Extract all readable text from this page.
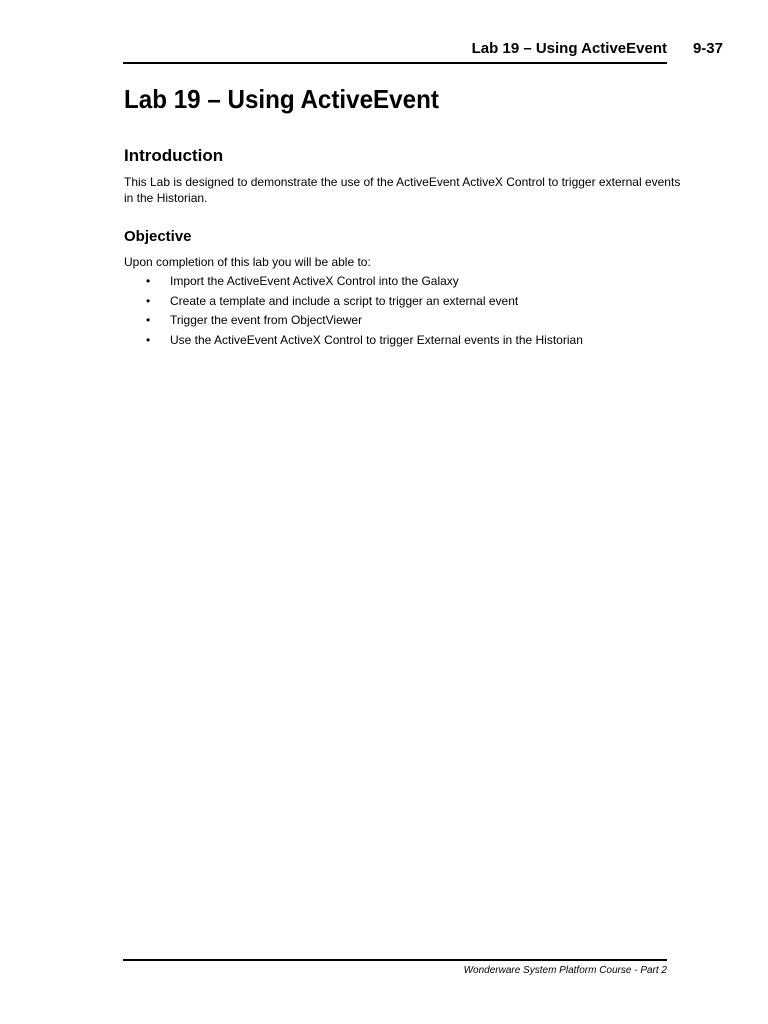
Lab 19 – Using ActiveEvent 9-37
Lab 19 – Using ActiveEvent
Introduction

This Lab is designed to demonstrate the use of the ActiveEvent ActiveX Control to trigger external events in the Historian.

Objective

Upon completion of this lab you will be able to:

•	Import the ActiveEvent ActiveX Control into the Galaxy
•	Create a template and include a script to trigger an external event
•	Trigger the event from ObjectViewer
•	Use the ActiveEvent ActiveX Control to trigger External events in the Historian
Wonderware System Platform Course - Part 2
